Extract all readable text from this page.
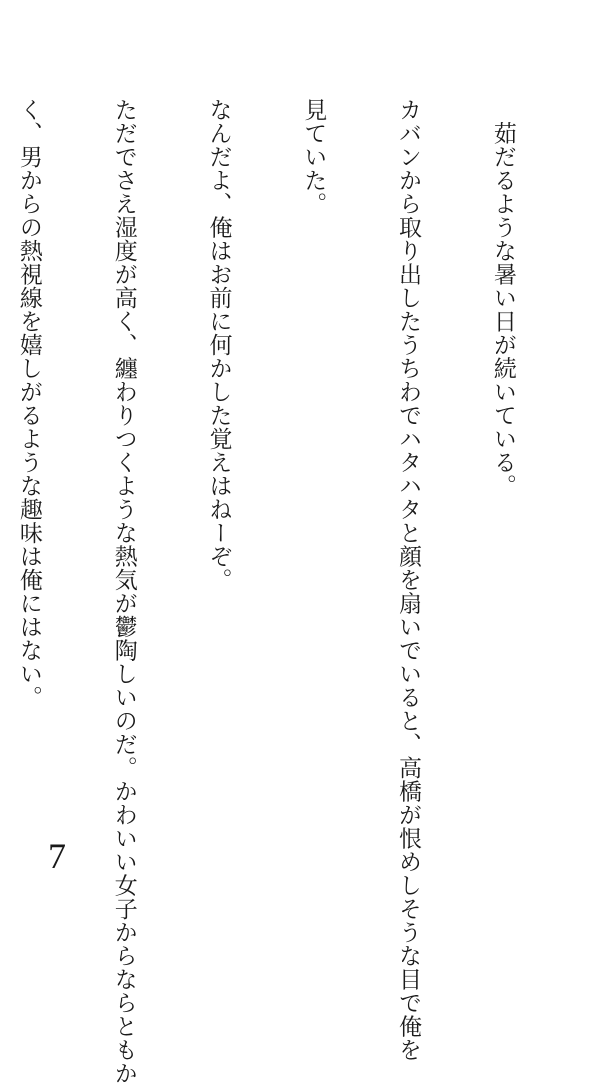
　茹だるような暑い日が続いている。

カバンから取り出したうちわでハタハタと顔を扇いでいると、高橋が恨めしそうな目で俺を

見ていた。

なんだよ、俺はお前に何かした覚えはねーぞ。

ただでさえ湿度が高く、纏わりつくような熱気が鬱陶しいのだ。かわいい女子からならともか

く、男からの熱視線を嬉しがるような趣味は俺にはない。

7
